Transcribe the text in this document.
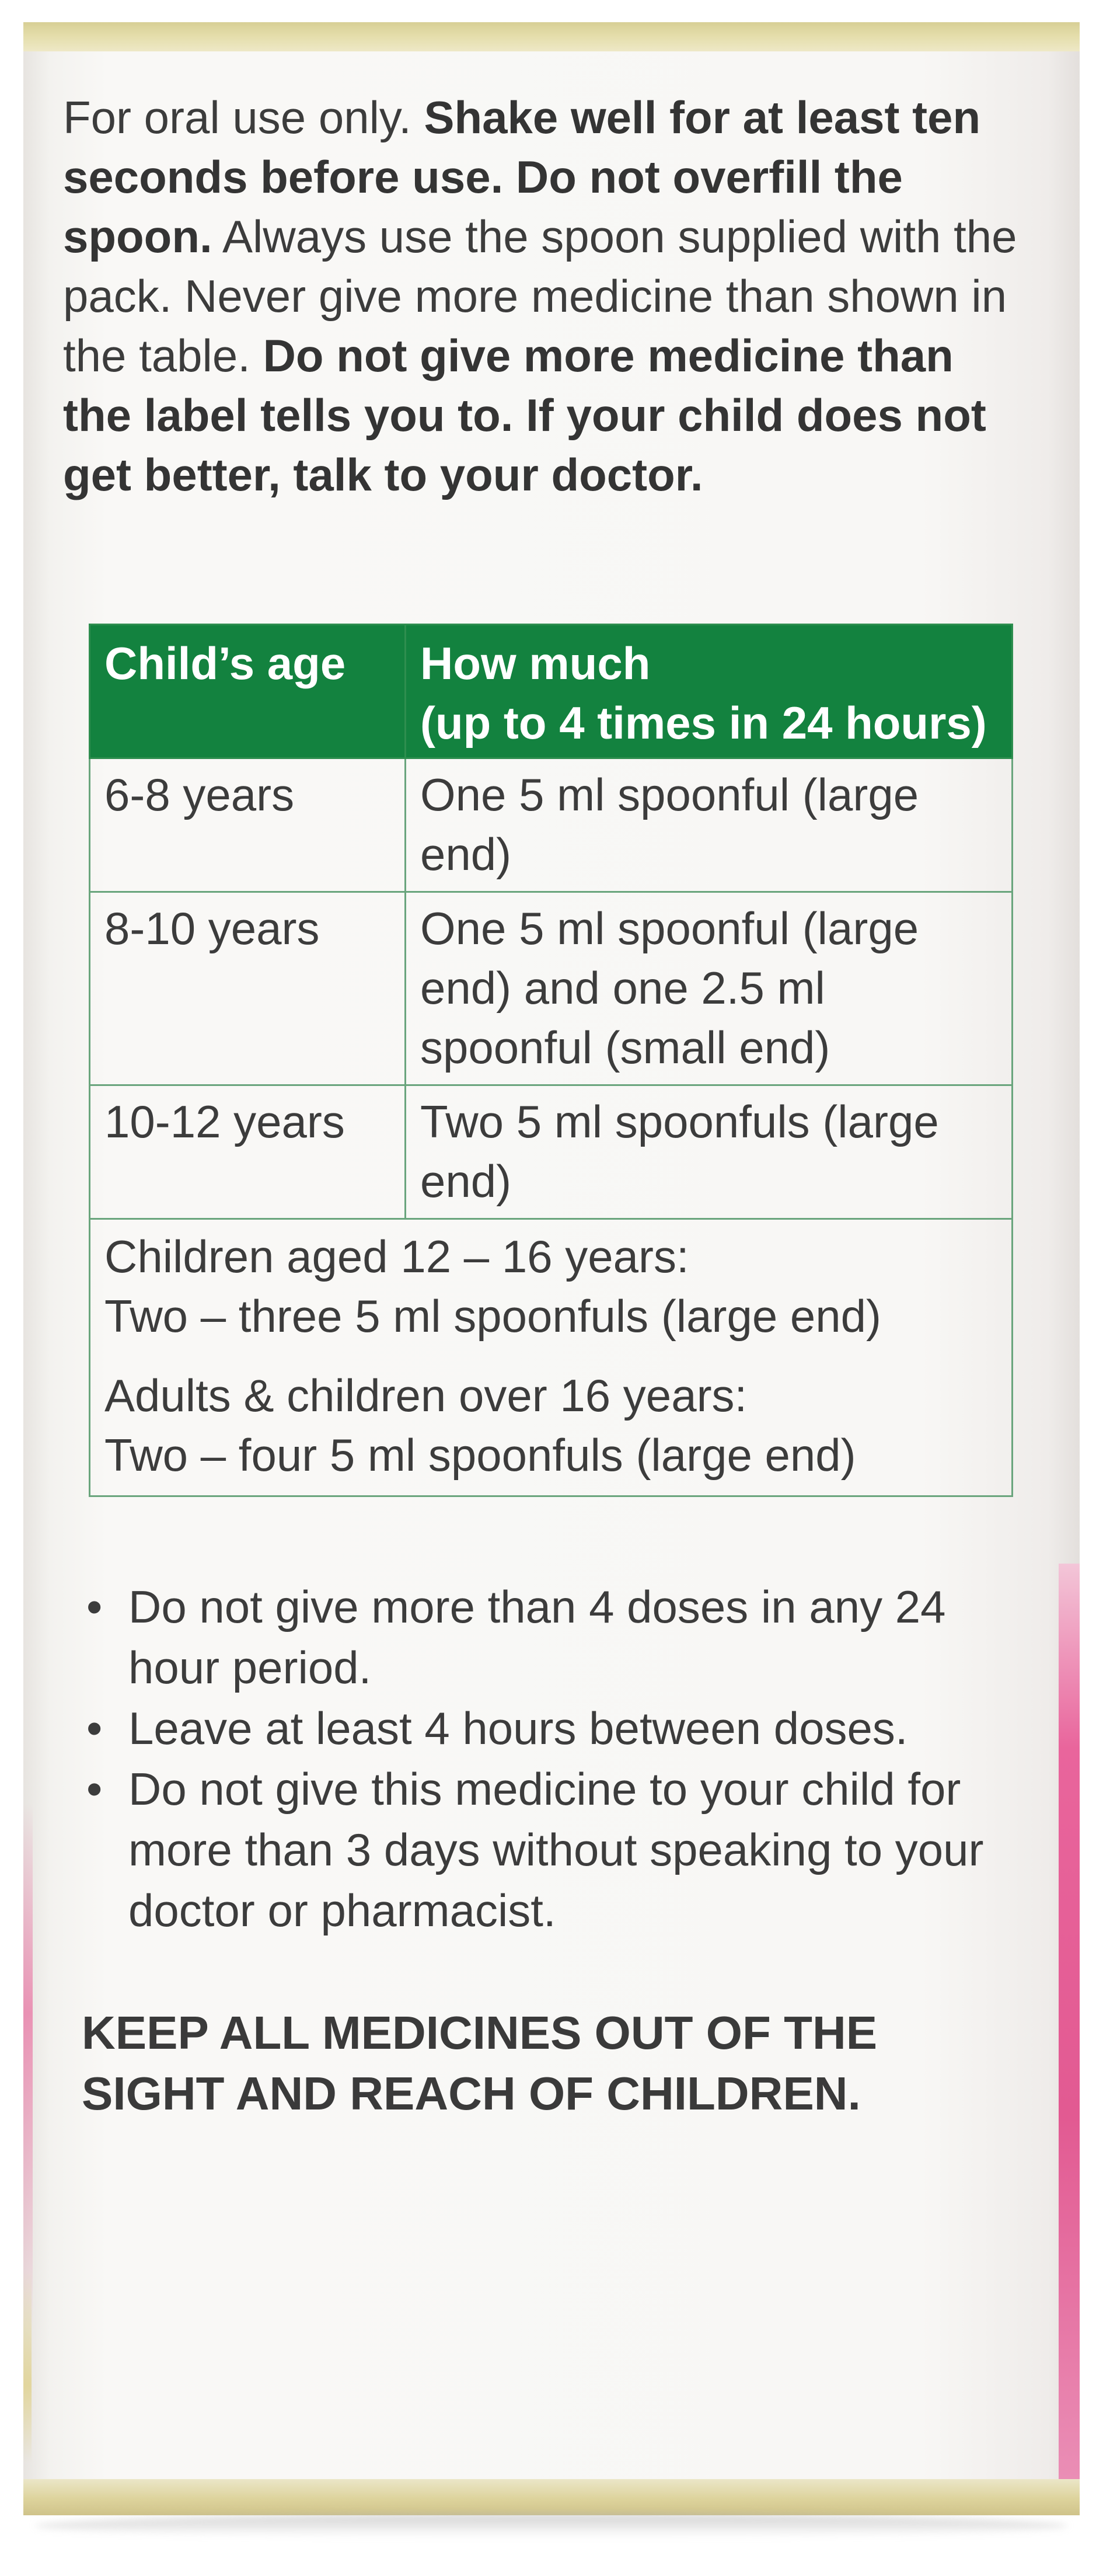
For oral use only. Shake well for at least ten seconds before use. Do not overfill the spoon. Always use the spoon supplied with the pack. Never give more medicine than shown in the table. Do not give more medicine than the label tells you to. If your child does not get better, talk to your doctor.

Child’s age	How much
(up to 4 times in 24 hours)

6-8 years	One 5 ml spoonful (large end)
8-10 years	One 5 ml spoonful (large end) and one 2.5 ml spoonful (small end)
10-12 years	Two 5 ml spoonfuls (large end)

Children aged 12 – 16 years:
Two – three 5 ml spoonfuls (large end)
Adults & children over 16 years:
Two – four 5 ml spoonfuls (large end)	
• Do not give more than 4 doses in any 24 hour period.
• Leave at least 4 hours between doses.
• Do not give this medicine to your child for more than 3 days without speaking to your doctor or pharmacist.

KEEP ALL MEDICINES OUT OF THE SIGHT AND REACH OF CHILDREN.
